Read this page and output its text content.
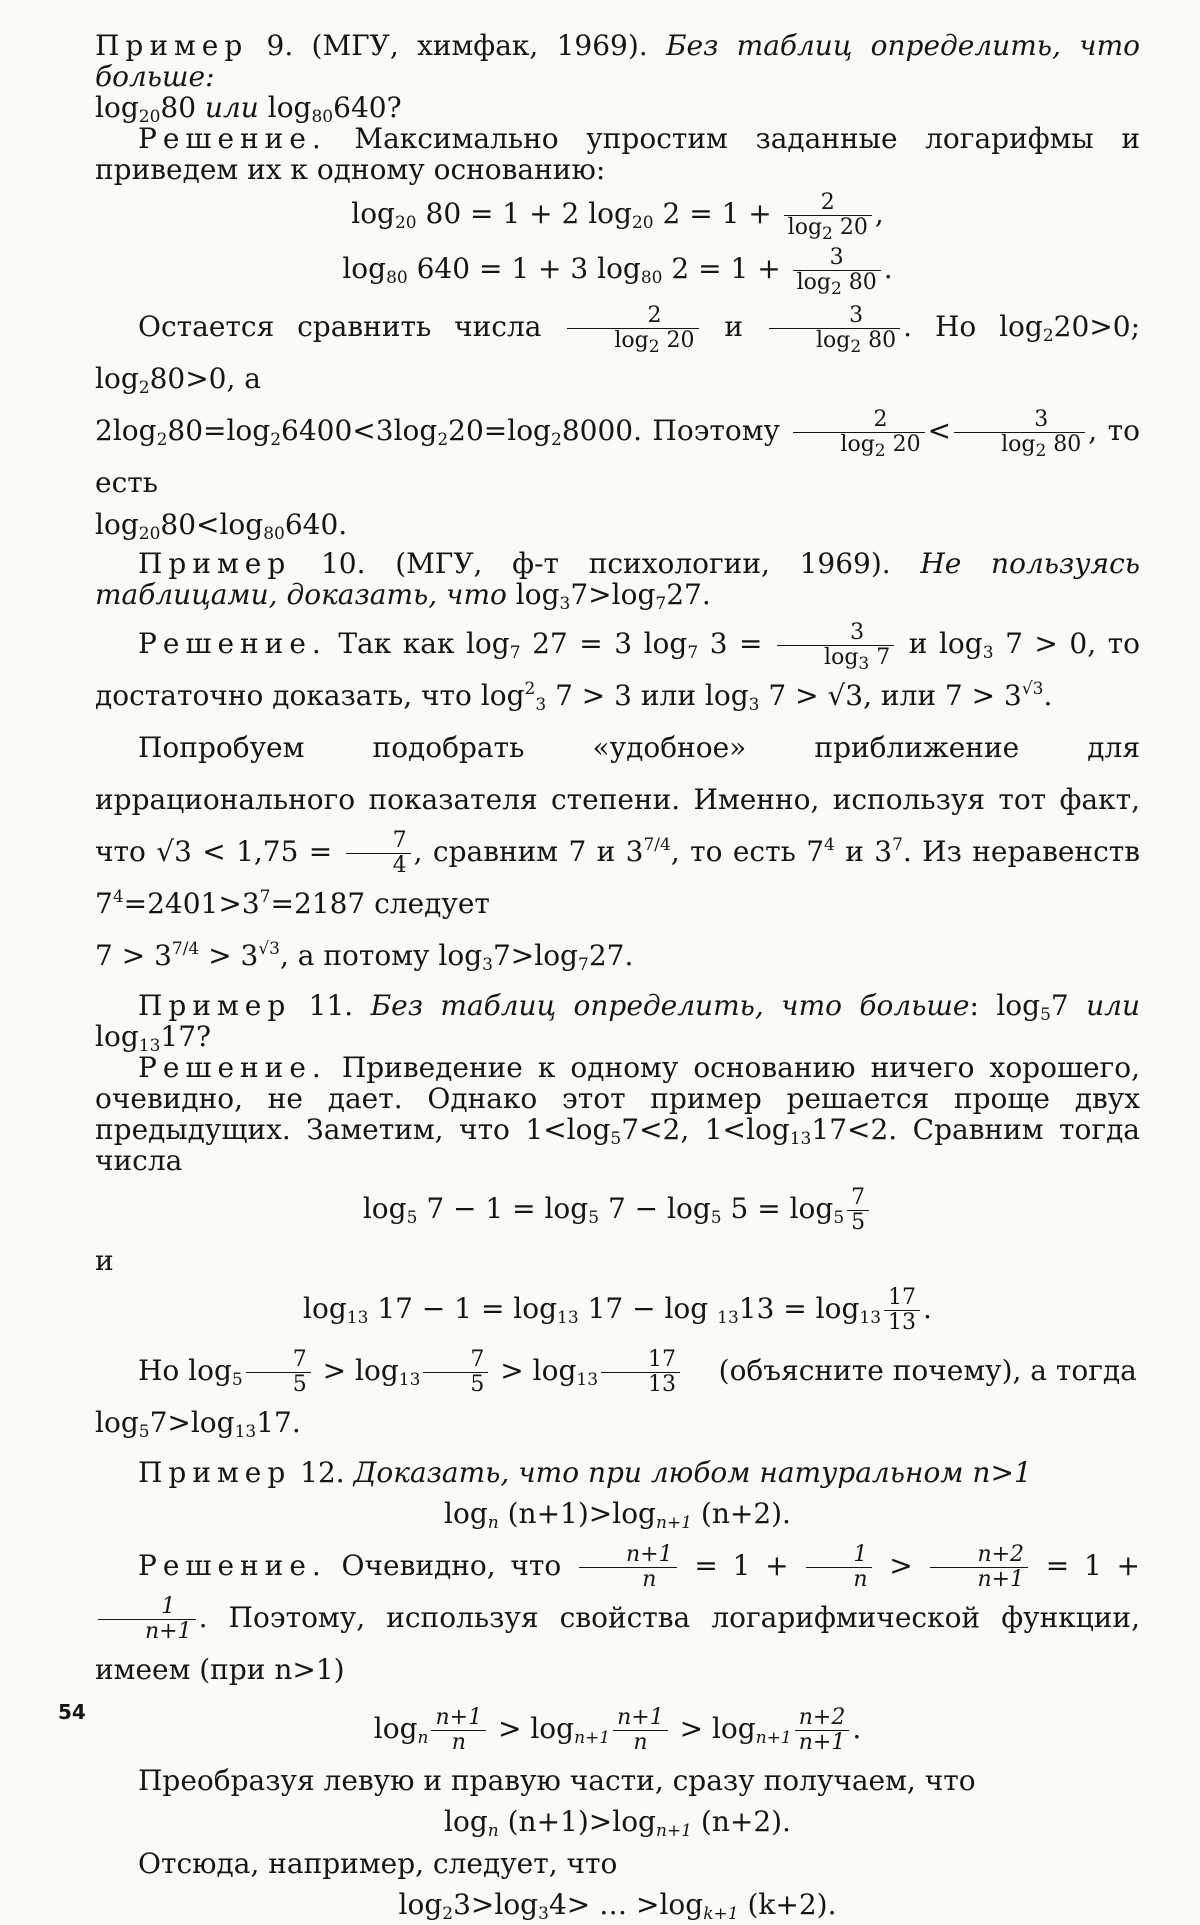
Пример 9. (МГУ, химфак, 1969). Без таблиц определить, что больше:
$\log_{20}80$ или $\log_{80}640$?

Решение. Максимально упростим заданные логарифмы и приведем их к одному основанию:

$\log_{20} 80 = 1 + 2$ $\log_{20} 2 = 1 + \frac{2}{\log_2 20}$ ,
$\log_{80} 640 = 1 + 3$ $\log_{80} 2 = 1 + \frac{3}{\log_2 80}$ .

Остается сравнить числа $\frac{2}{\log_2 20}$ и $\frac{3}{\log_2 80}$ . Но $\log_220>0$; $\log_280>0$, а
$2\log_280=\log_26400<3\log_220=\log_28000$. Поэтому $\frac{2}{\log_2 20} < \frac{3}{\log_2 80}$ , то есть

$\log_{20}80<\log_{80}640$.

Пример 10. (МГУ, ф-т психологии, 1969). Не пользуясь таблицами, доказать, что $\log_37>\log_727$.

Решение. Так как $\log_7 27 = 3$ $\log_7 3 = \frac{3}{\log_3 7}$ и $\log_3 7 > 0$, то достаточно доказать, что $\log^2_3 7 > 3$ или $\log_3 7 > √3$, или $7 > 3^{√3}$.

Попробуем подобрать «удобное» приближение для иррационального показателя степени. Именно, используя тот факт, что $√3 < 1,75 = \frac{7}{4}$ , сравним 7 и $3^{7/4}$, то есть $7^4$ и $3^7$. Из неравенств $7^4=2401>3^7=2187$ следует
$7 > 3^{7/4} > 3^{√3}$, а потому $\log_37>\log_727$.

Пример 11. Без таблиц определить, что больше: $\log_57$ или $\log_{13}17$?

Решение. Приведение к одному основанию ничего хорошего, очевидно, не дает. Однако этот пример решается проще двух предыдущих. Заметим, что $1<\log_57<2$, $1<\log_{13}17<2$. Сравним тогда числа

$\log_5 7 - 1 = \log_5 7 - \log_5 5 = \log_5 \frac{7}{5}$

и

$\log_{13} 17 - 1 = \log_{13} 17 - \log _{13}13 = \log_{13} \frac{17}{13}$ .

Но $\log_5 \frac{7}{5} > \log_{13} \frac{7}{5} > \log_{13} \frac{17}{13}$ (объясните почему), а тогда
$\log_57>\log_{13}17$.

Пример 12. Доказать, что при любом натуральном n>1

$\log_n (n+1)>\log_{n+1}$ (n+2).

Решение. Очевидно, что $\frac{n+1}{n} = 1 + \frac{1}{n} > \frac{n+2}{n+1} = 1$ +
$\frac{1}{n+1}$ . Поэтому, используя свойства логарифмической функции, имеем (при n>1)

$\log_n \frac{n+1}{n} > \log_{n+1} \frac{n+1}{n} > \log_{n+1} \frac{n+2}{n+1}$ .

Преобразуя левую и правую части, сразу получаем, что

$\log_n (n+1)>\log_{n+1}$ (n+2).

Отсюда, например, следует, что

$\log_23>\log_34>$ … $>\log_{k+1}$ (k+2).
54
